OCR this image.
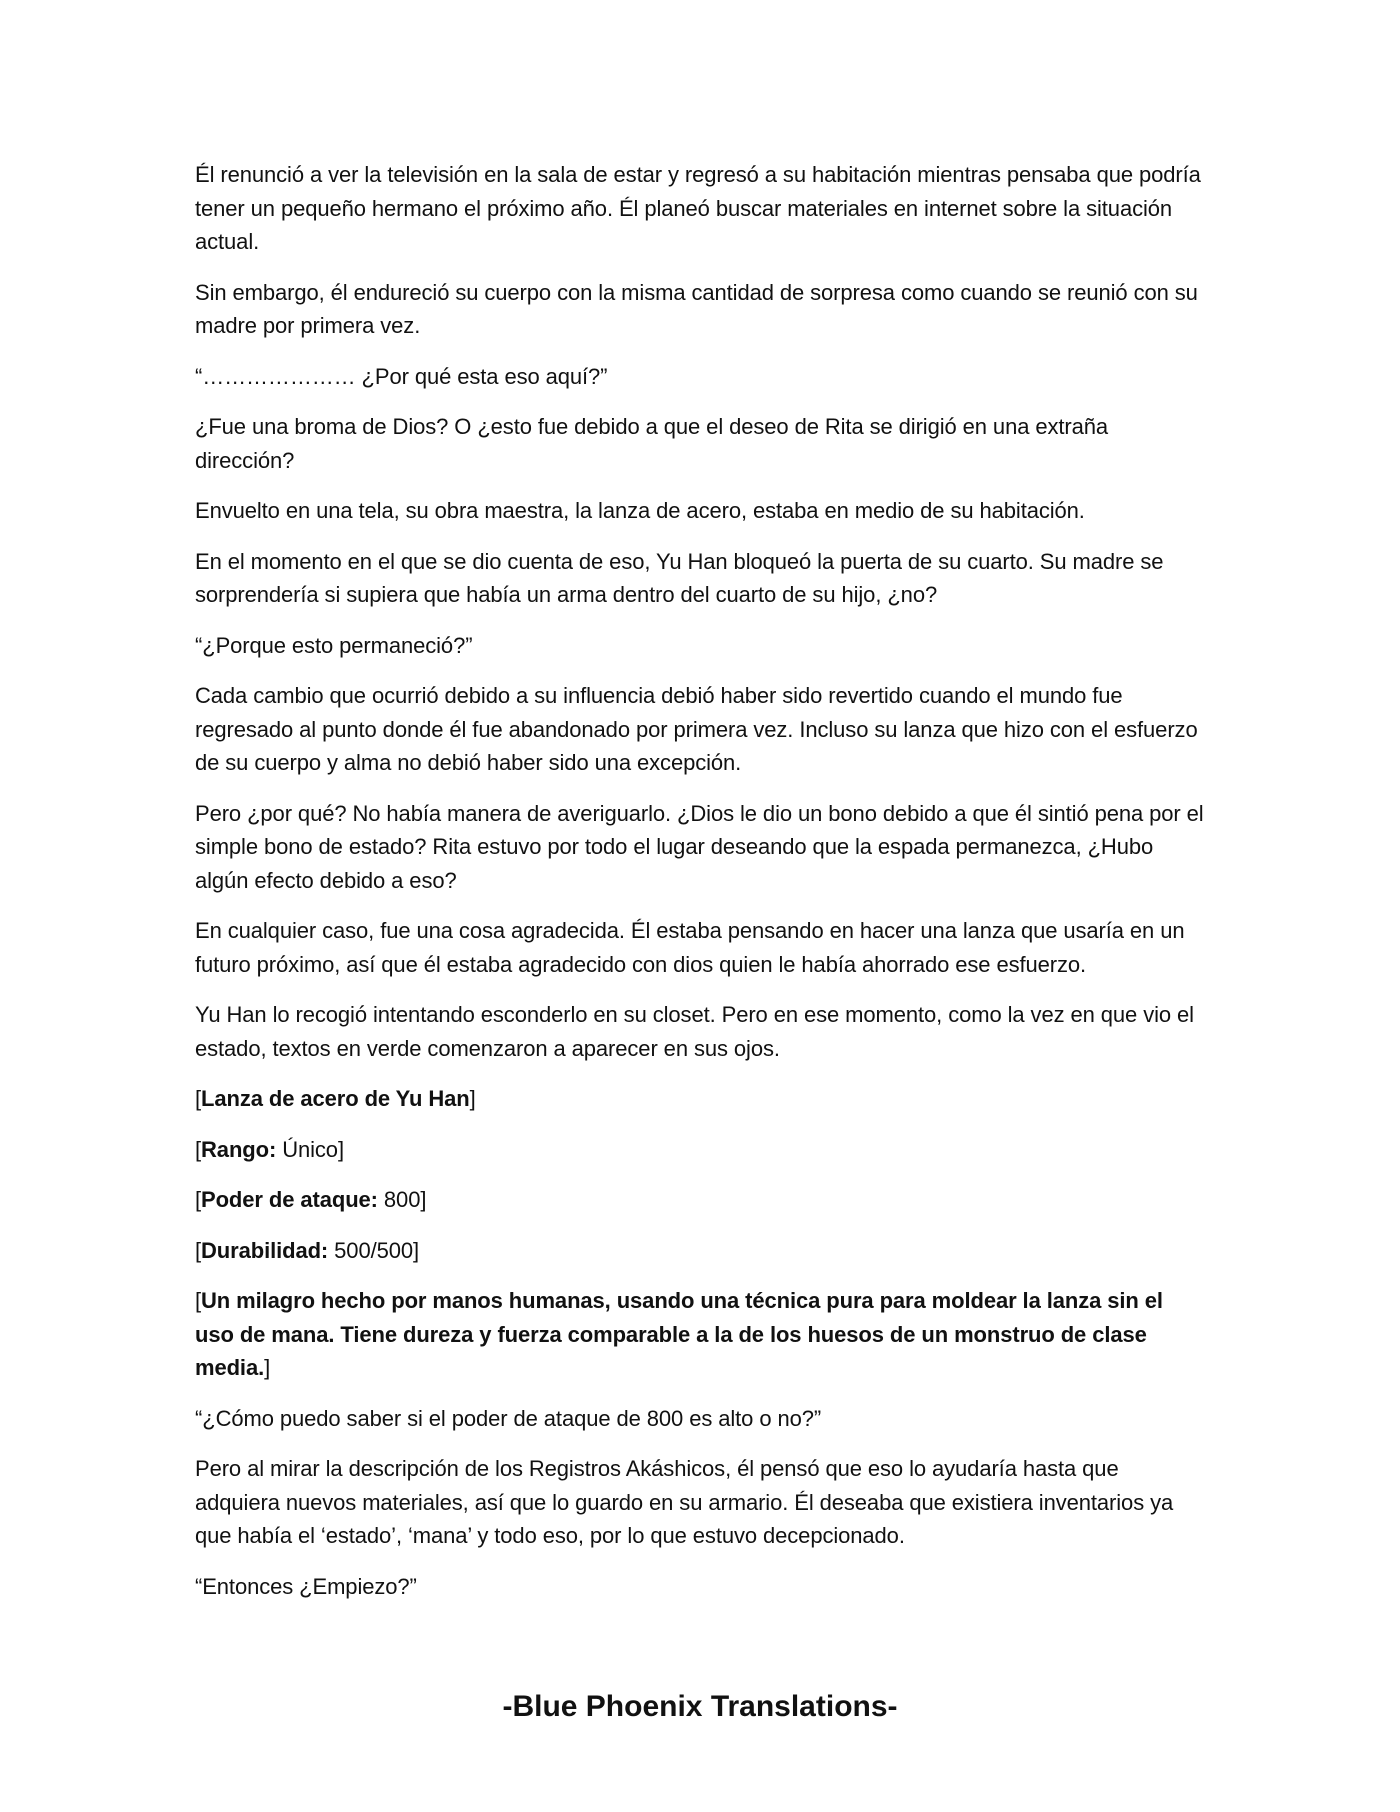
Él renunció a ver la televisión en la sala de estar y regresó a su habitación mientras pensaba que podría tener un pequeño hermano el próximo año. Él planeó buscar materiales en internet sobre la situación actual.

Sin embargo, él endureció su cuerpo con la misma cantidad de sorpresa como cuando se reunió con su madre por primera vez.

“………………… ¿Por qué esta eso aquí?”

¿Fue una broma de Dios? O ¿esto fue debido a que el deseo de Rita se dirigió en una extraña dirección?

Envuelto en una tela, su obra maestra, la lanza de acero, estaba en medio de su habitación.

En el momento en el que se dio cuenta de eso, Yu Han bloqueó la puerta de su cuarto. Su madre se sorprendería si supiera que había un arma dentro del cuarto de su hijo, ¿no?

“¿Porque esto permaneció?”

Cada cambio que ocurrió debido a su influencia debió haber sido revertido cuando el mundo fue regresado al punto donde él fue abandonado por primera vez. Incluso su lanza que hizo con el esfuerzo de su cuerpo y alma no debió haber sido una excepción.

Pero ¿por qué? No había manera de averiguarlo. ¿Dios le dio un bono debido a que él sintió pena por el simple bono de estado? Rita estuvo por todo el lugar deseando que la espada permanezca, ¿Hubo algún efecto debido a eso?

En cualquier caso, fue una cosa agradecida. Él estaba pensando en hacer una lanza que usaría en un futuro próximo, así que él estaba agradecido con dios quien le había ahorrado ese esfuerzo.

Yu Han lo recogió intentando esconderlo en su closet. Pero en ese momento, como la vez en que vio el estado, textos en verde comenzaron a aparecer en sus ojos.

[Lanza de acero de Yu Han]

[Rango: Único]

[Poder de ataque: 800]

[Durabilidad: 500/500]

[Un milagro hecho por manos humanas, usando una técnica pura para moldear la lanza sin el uso de mana. Tiene dureza y fuerza comparable a la de los huesos de un monstruo de clase media.]

“¿Cómo puedo saber si el poder de ataque de 800 es alto o no?”

Pero al mirar la descripción de los Registros Akáshicos, él pensó que eso lo ayudaría hasta que adquiera nuevos materiales, así que lo guardo en su armario. Él deseaba que existiera inventarios ya que había el ‘estado’, ‘mana’ y todo eso, por lo que estuvo decepcionado.

“Entonces ¿Empiezo?”

-Blue Phoenix Translations-
